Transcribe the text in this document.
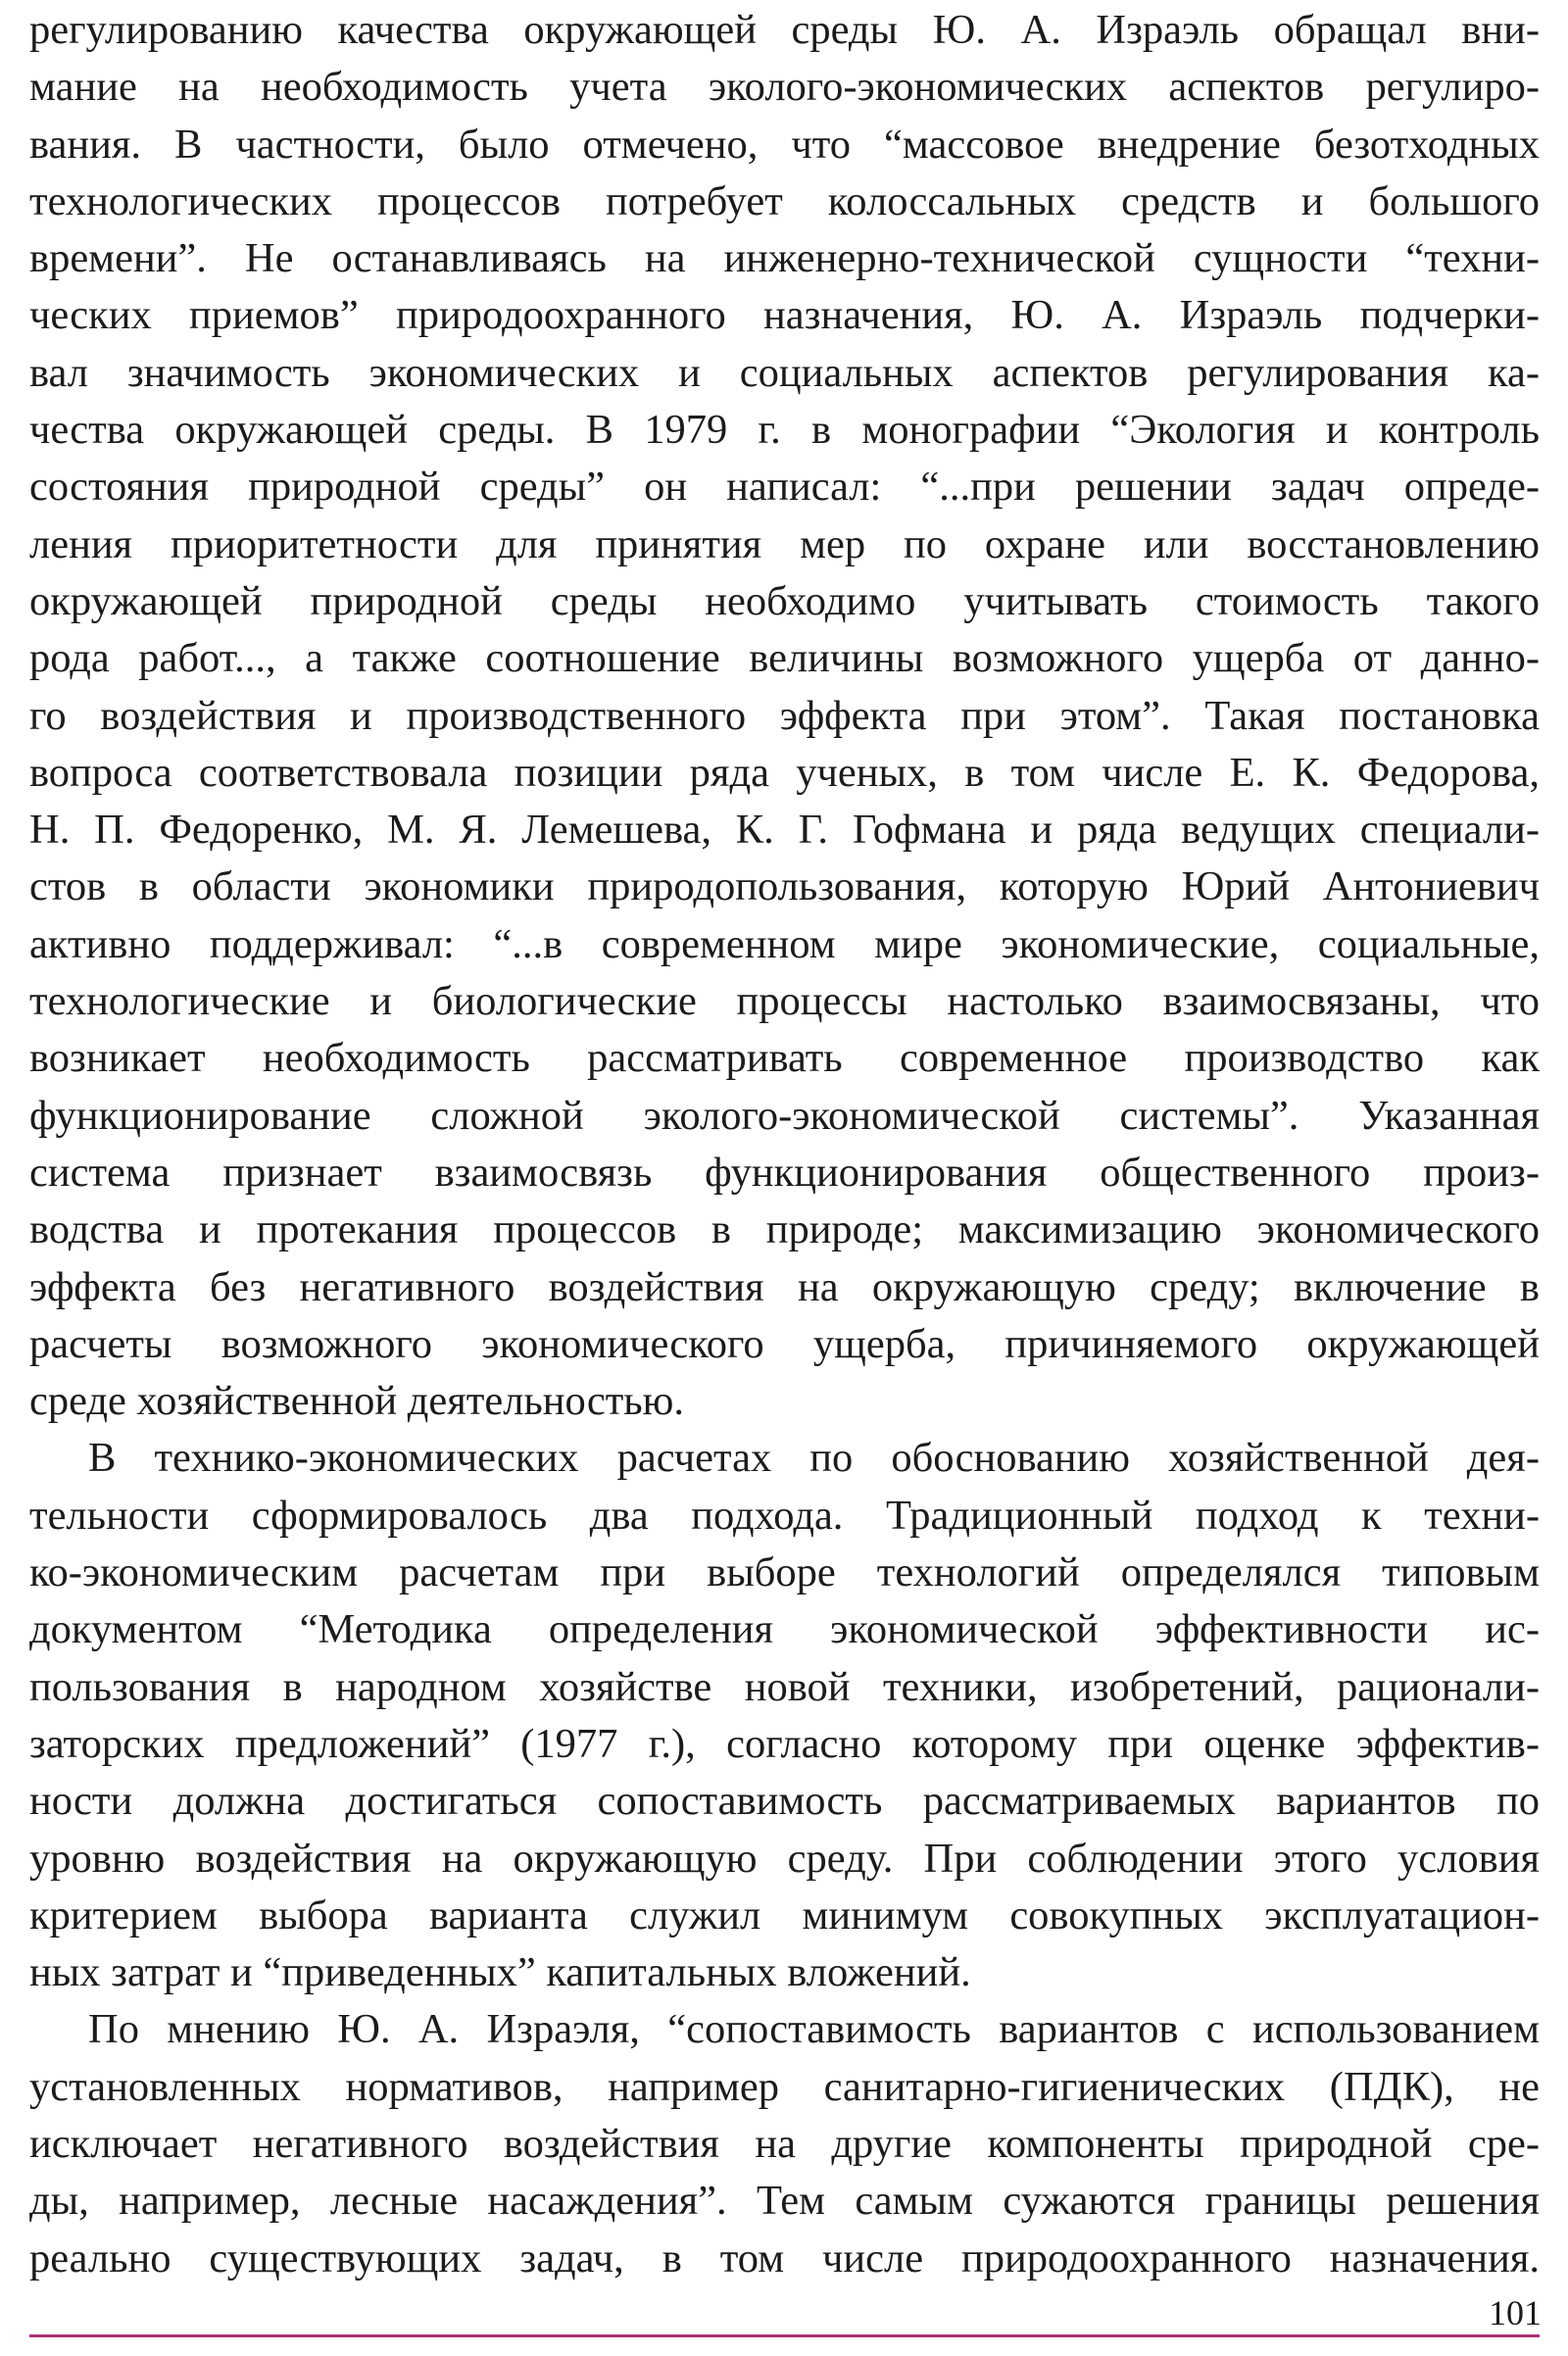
регулированию качества окружающей среды Ю. А. Израэль обращал вни-
мание на необходимость учета эколого-экономических аспектов регулиро-
вания. В частности, было отмечено, что “массовое внедрение безотходных
технологических процессов потребует колоссальных средств и большого
времени”. Не останавливаясь на инженерно-технической сущности “техни-
ческих приемов” природоохранного назначения, Ю. А. Израэль подчерки-
вал значимость экономических и социальных аспектов регулирования ка-
чества окружающей среды. В 1979 г. в монографии “Экология и контроль
состояния природной среды” он написал: “...при решении задач опреде-
ления приоритетности для принятия мер по охране или восстановлению
окружающей природной среды необходимо учитывать стоимость такого
рода работ..., а также соотношение величины возможного ущерба от данно-
го воздействия и производственного эффекта при этом”. Такая постановка
вопроса соответствовала позиции ряда ученых, в том числе Е. К. Федорова,
Н. П. Федоренко, М. Я. Лемешева, К. Г. Гофмана и ряда ведущих специали-
стов в области экономики природопользования, которую Юрий Антониевич
активно поддерживал: “...в современном мире экономические, социальные,
технологические и биологические процессы настолько взаимосвязаны, что
возникает необходимость рассматривать современное производство как
функционирование сложной эколого-экономической системы”. Указанная
система признает взаимосвязь функционирования общественного произ-
водства и протекания процессов в природе; максимизацию экономического
эффекта без негативного воздействия на окружающую среду; включение в
расчеты возможного экономического ущерба, причиняемого окружающей
среде хозяйственной деятельностью.

В технико-экономических расчетах по обоснованию хозяйственной дея-
тельности сформировалось два подхода. Традиционный подход к техни-
ко-экономическим расчетам при выборе технологий определялся типовым
документом “Методика определения экономической эффективности ис-
пользования в народном хозяйстве новой техники, изобретений, рационали-
заторских предложений” (1977 г.), согласно которому при оценке эффектив-
ности должна достигаться сопоставимость рассматриваемых вариантов по
уровню воздействия на окружающую среду. При соблюдении этого условия
критерием выбора варианта служил минимум совокупных эксплуатацион-
ных затрат и “приведенных” капитальных вложений.

По мнению Ю. А. Израэля, “сопоставимость вариантов с использованием
установленных нормативов, например санитарно-гигиенических (ПДК), не
исключает негативного воздействия на другие компоненты природной сре-
ды, например, лесные насаждения”. Тем самым сужаются границы решения
реально существующих задач, в том числе природоохранного назначения.

101
